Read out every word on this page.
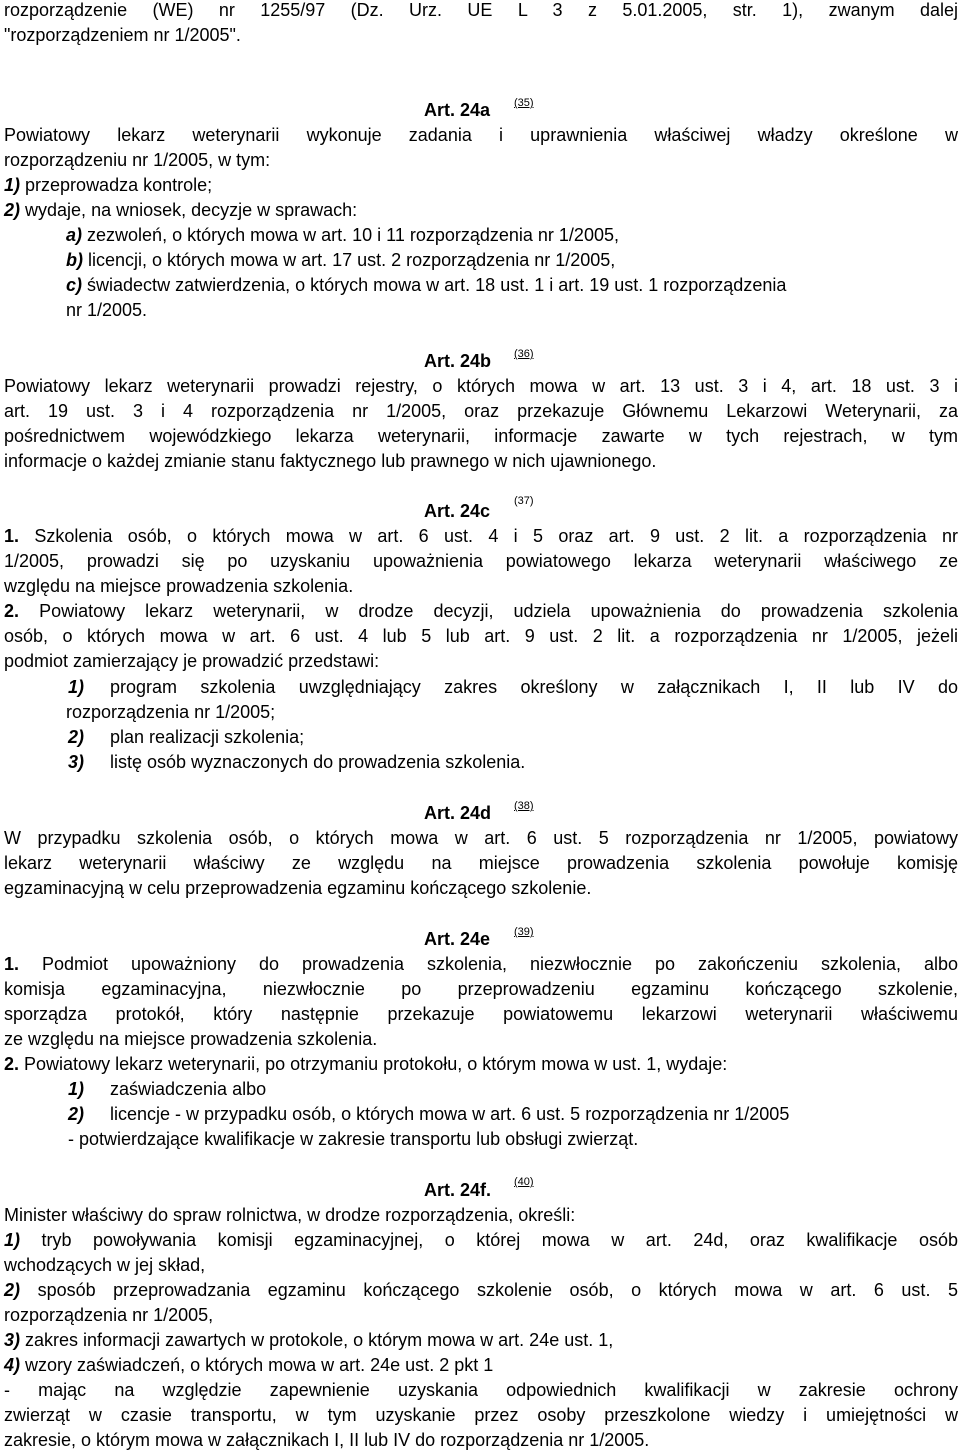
rozporządzenie (WE) nr 1255/97 (Dz. Urz. UE L 3 z 5.01.2005, str. 1), zwanym dalej
"rozporządzeniem nr 1/2005".
Art. 24a (35)
Powiatowy lekarz weterynarii wykonuje zadania i uprawnienia właściwej władzy określone w
rozporządzeniu nr 1/2005, w tym:
1) przeprowadza kontrole;
2) wydaje, na wniosek, decyzje w sprawach:
a) zezwoleń, o których mowa w art. 10 i 11 rozporządzenia nr 1/2005,
b) licencji, o których mowa w art. 17 ust. 2 rozporządzenia nr 1/2005,
c) świadectw zatwierdzenia, o których mowa w art. 18 ust. 1 i art. 19 ust. 1 rozporządzenia
nr 1/2005.
Art. 24b (36)
Powiatowy lekarz weterynarii prowadzi rejestry, o których mowa w art. 13 ust. 3 i 4, art. 18 ust. 3 i
art. 19 ust. 3 i 4 rozporządzenia nr 1/2005, oraz przekazuje Głównemu Lekarzowi Weterynarii, za
pośrednictwem wojewódzkiego lekarza weterynarii, informacje zawarte w tych rejestrach, w tym
informacje o każdej zmianie stanu faktycznego lub prawnego w nich ujawnionego.
Art. 24c (37)
1. Szkolenia osób, o których mowa w art. 6 ust. 4 i 5 oraz art. 9 ust. 2 lit. a rozporządzenia nr
1/2005, prowadzi się po uzyskaniu upoważnienia powiatowego lekarza weterynarii właściwego ze
względu na miejsce prowadzenia szkolenia.
2. Powiatowy lekarz weterynarii, w drodze decyzji, udziela upoważnienia do prowadzenia szkolenia
osób, o których mowa w art. 6 ust. 4 lub 5 lub art. 9 ust. 2 lit. a rozporządzenia nr 1/2005, jeżeli
podmiot zamierzający je prowadzić przedstawi:
1) program szkolenia uwzględniający zakres określony w załącznikach I, II lub IV do
rozporządzenia nr 1/2005;
2) plan realizacji szkolenia;
3) listę osób wyznaczonych do prowadzenia szkolenia.
Art. 24d (38)
W przypadku szkolenia osób, o których mowa w art. 6 ust. 5 rozporządzenia nr 1/2005, powiatowy
lekarz weterynarii właściwy ze względu na miejsce prowadzenia szkolenia powołuje komisję
egzaminacyjną w celu przeprowadzenia egzaminu kończącego szkolenie.
Art. 24e (39)
1. Podmiot upoważniony do prowadzenia szkolenia, niezwłocznie po zakończeniu szkolenia, albo
komisja egzaminacyjna, niezwłocznie po przeprowadzeniu egzaminu kończącego szkolenie,
sporządza protokół, który następnie przekazuje powiatowemu lekarzowi weterynarii właściwemu
ze względu na miejsce prowadzenia szkolenia.
2. Powiatowy lekarz weterynarii, po otrzymaniu protokołu, o którym mowa w ust. 1, wydaje:
1) zaświadczenia albo
2) licencje - w przypadku osób, o których mowa w art. 6 ust. 5 rozporządzenia nr 1/2005
- potwierdzające kwalifikacje w zakresie transportu lub obsługi zwierząt.
Art. 24f. (40)
Minister właściwy do spraw rolnictwa, w drodze rozporządzenia, określi:
1) tryb powoływania komisji egzaminacyjnej, o której mowa w art. 24d, oraz kwalifikacje osób
wchodzących w jej skład,
2) sposób przeprowadzania egzaminu kończącego szkolenie osób, o których mowa w art. 6 ust. 5
rozporządzenia nr 1/2005,
3) zakres informacji zawartych w protokole, o którym mowa w art. 24e ust. 1,
4) wzory zaświadczeń, o których mowa w art. 24e ust. 2 pkt 1
- mając na względzie zapewnienie uzyskania odpowiednich kwalifikacji w zakresie ochrony
zwierząt w czasie transportu, w tym uzyskanie przez osoby przeszkolone wiedzy i umiejętności w
zakresie, o którym mowa w załącznikach I, II lub IV do rozporządzenia nr 1/2005.
